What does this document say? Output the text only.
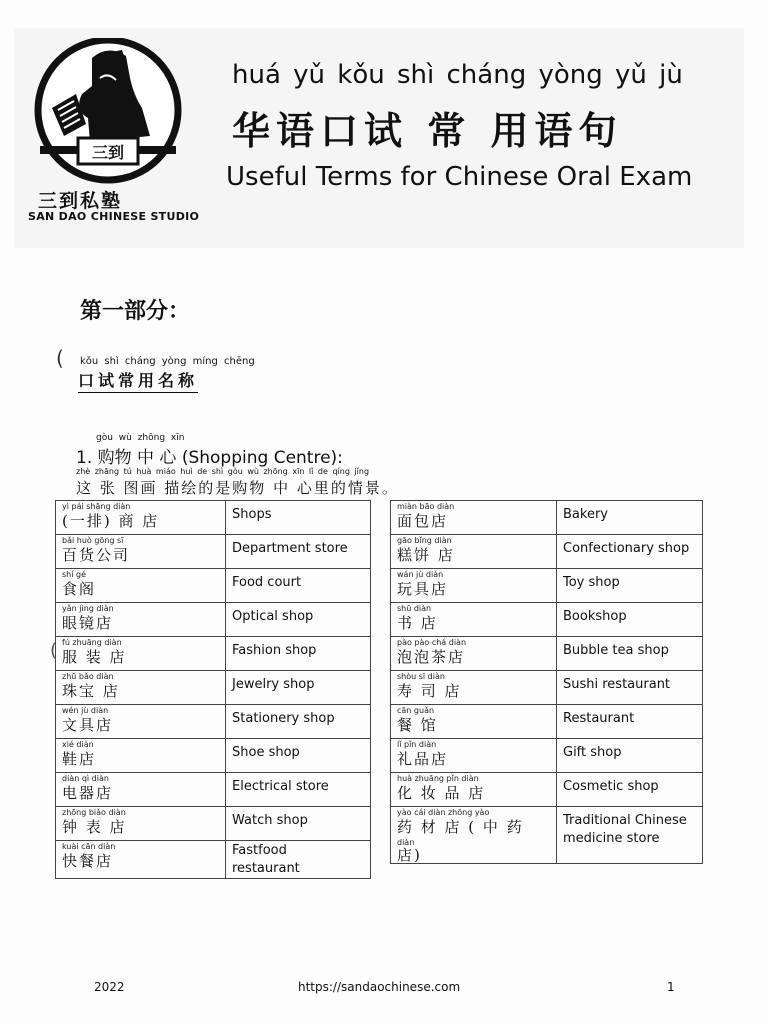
三到
三到私塾
SAN DAO CHINESE STUDIO
huá yǔ kǒu shì cháng yòng yǔ jù
华语口试 常 用语句
Useful Terms for Chinese Oral Exam
第一部分：
( kǒu shì cháng yòng míng chēng
口试常用名称
gòu wù zhōng xīn
1. 购物 中 心 (Shopping Centre):
zhè zhāng tú huà miáo huì de shì gòu wù zhōng xīn lǐ de qíng jǐng
这 张 图画 描绘的是购物 中 心里的情景。
yì pái shāng diàn
(一排) 商 店	Shops

bǎi huò gōng sī
百货公司	Department store

shí gé
食阁	Food court

yǎn jìng diàn
眼镜店	Optical shop

fú zhuāng diàn
服 装 店	Fashion shop

zhū bǎo diàn
珠宝 店	Jewelry shop

wén jù diàn
文具店	Stationery shop

xié diàn
鞋店	Shoe shop

diàn qì diàn
电器店	Electrical store

zhōng biǎo diàn
钟 表 店	Watch shop

kuài cān diàn
快餐店	Fastfood restaurant
(
miàn bāo diàn
面包店	Bakery

gāo bǐng diàn
糕饼 店	Confectionary shop

wán jù diàn
玩具店	Toy shop

shū diàn
书 店	Bookshop

pào pào chá diàn
泡泡茶店	Bubble tea shop

shòu sī diàn
寿 司 店	Sushi restaurant

cān guǎn
餐 馆	Restaurant

lǐ pǐn diàn
礼品店	Gift shop

huà zhuāng pǐn diàn
化 妆 品 店	Cosmetic shop

yào cái diàn zhōng yào
药 材 店 ( 中 药
diàn
店)	Traditional Chinese medicine store
2022	https://sandaochinese.com	1
